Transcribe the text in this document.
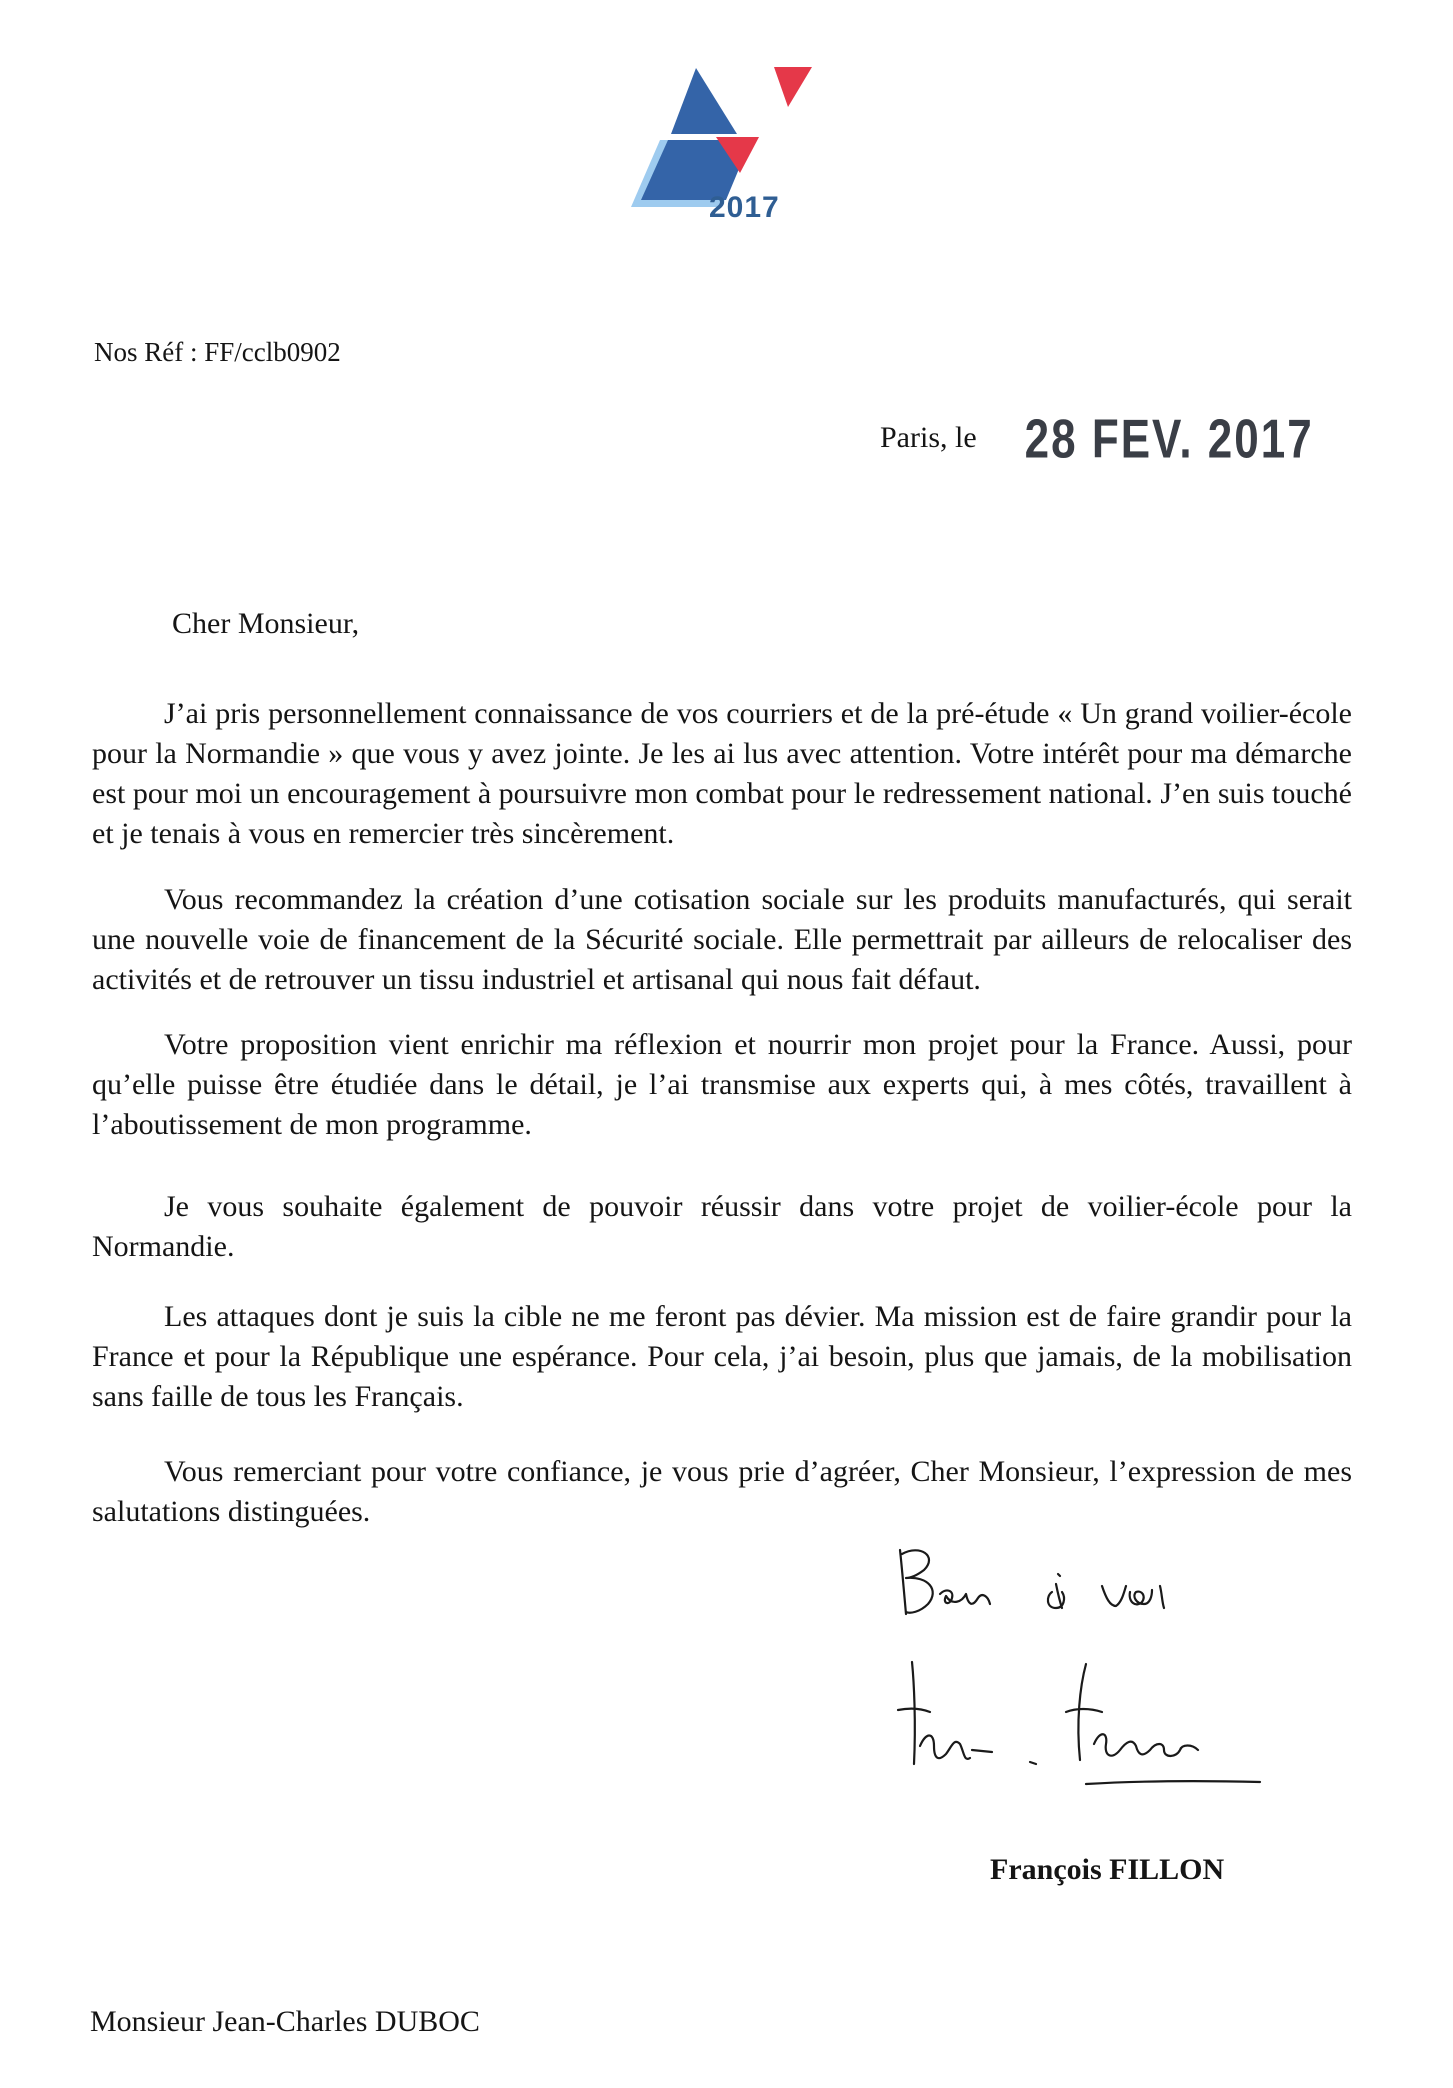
2017
Nos Réf : FF/cclb0902
Paris, le 28 FEV. 2017

Cher Monsieur,

J’ai pris personnellement connaissance de vos courriers et de la pré-étude « Un grand voilier-école pour la Normandie » que vous y avez jointe. Je les ai lus avec attention. Votre intérêt pour ma démarche est pour moi un encouragement à poursuivre mon combat pour le redressement national. J’en suis touché et je tenais à vous en remercier très sincèrement.

Vous recommandez la création d’une cotisation sociale sur les produits manufacturés, qui serait une nouvelle voie de financement de la Sécurité sociale. Elle permettrait par ailleurs de relocaliser des activités et de retrouver un tissu industriel et artisanal qui nous fait défaut.

Votre proposition vient enrichir ma réflexion et nourrir mon projet pour la France. Aussi, pour qu’elle puisse être étudiée dans le détail, je l’ai transmise aux experts qui, à mes côtés, travaillent à l’aboutissement de mon programme.

Je vous souhaite également de pouvoir réussir dans votre projet de voilier-école pour la Normandie.

Les attaques dont je suis la cible ne me feront pas dévier. Ma mission est de faire grandir pour la France et pour la République une espérance. Pour cela, j’ai besoin, plus que jamais, de la mobilisation sans faille de tous les Français.

Vous remerciant pour votre confiance, je vous prie d’agréer, Cher Monsieur, l’expression de mes salutations distinguées.

François FILLON
Monsieur Jean-Charles DUBOC
